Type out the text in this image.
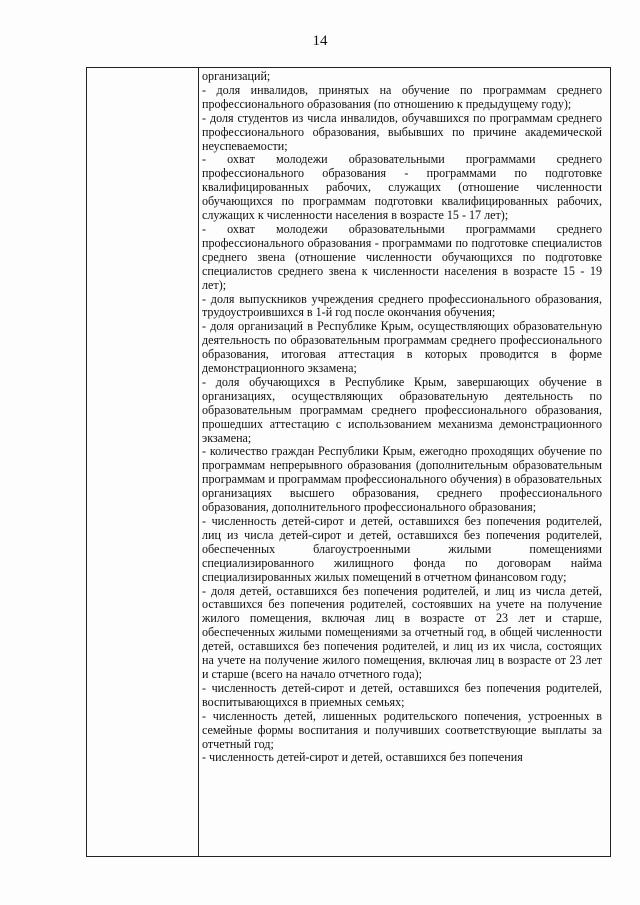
14

организаций;

- доля инвалидов, принятых на обучение по программам среднего профессионального образования (по отношению к предыдущему году);

- доля студентов из числа инвалидов, обучавшихся по программам среднего профессионального образования, выбывших по причине академической неуспеваемости;

- охват молодежи образовательными программами среднего профессионального образования - программами по подготовке квалифицированных рабочих, служащих (отношение численности обучающихся по программам подготовки квалифицированных рабочих, служащих к численности населения в возрасте 15 - 17 лет);

- охват молодежи образовательными программами среднего профессионального образования - программами по подготовке специалистов среднего звена (отношение численности обучающихся по подготовке специалистов среднего звена к численности населения в возрасте 15 - 19 лет);

- доля выпускников учреждения среднего профессионального образования, трудоустроившихся в 1-й год после окончания обучения;

- доля организаций в Республике Крым, осуществляющих образовательную деятельность по образовательным программам среднего профессионального образования, итоговая аттестация в которых проводится в форме демонстрационного экзамена;

- доля обучающихся в Республике Крым, завершающих обучение в организациях, осуществляющих образовательную деятельность по образовательным программам среднего профессионального образования, прошедших аттестацию с использованием механизма демонстрационного экзамена;

- количество граждан Республики Крым, ежегодно проходящих обучение по программам непрерывного образования (дополнительным образовательным программам и программам профессионального обучения) в образовательных организациях высшего образования, среднего профессионального образования, дополнительного профессионального образования;

- численность детей-сирот и детей, оставшихся без попечения родителей, лиц из числа детей-сирот и детей, оставшихся без попечения родителей, обеспеченных благоустроенными жилыми помещениями специализированного жилищного фонда по договорам найма специализированных жилых помещений в отчетном финансовом году;

- доля детей, оставшихся без попечения родителей, и лиц из числа детей, оставшихся без попечения родителей, состоявших на учете на получение жилого помещения, включая лиц в возрасте от 23 лет и старше, обеспеченных жилыми помещениями за отчетный год, в общей численности детей, оставшихся без попечения родителей, и лиц из их числа, состоящих на учете на получение жилого помещения, включая лиц в возрасте от 23 лет и старше (всего на начало отчетного года);

- численность детей-сирот и детей, оставшихся без попечения родителей, воспитывающихся в приемных семьях;

- численность детей, лишенных родительского попечения, устроенных в семейные формы воспитания и получивших соответствующие выплаты за отчетный год;

- численность детей-сирот и детей, оставшихся без попечения
